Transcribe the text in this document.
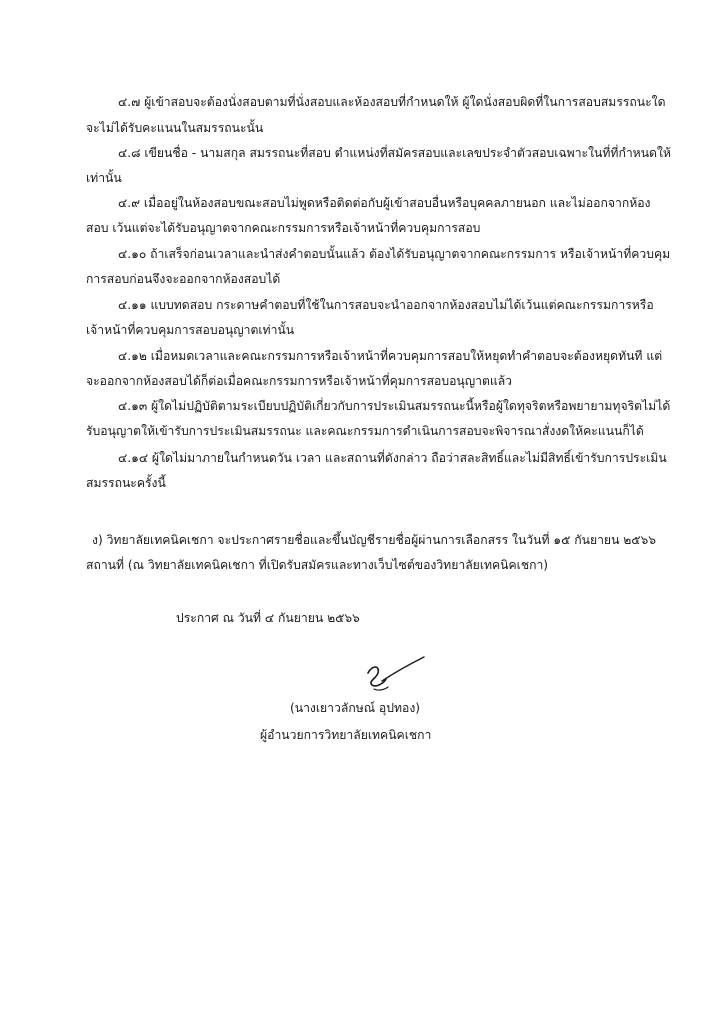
๔.๗ ผู้เข้าสอบจะต้องนั่งสอบตามที่นั่งสอบและห้องสอบที่กำหนดให้ ผู้ใดนั่งสอบผิดที่ในการสอบสมรรถนะใด
จะไม่ได้รับคะแนนในสมรรถนะนั้น
๔.๘ เขียนชื่อ - นามสกุล สมรรถนะที่สอบ ตำแหน่งที่สมัครสอบและเลขประจำตัวสอบเฉพาะในที่ที่กำหนดให้
เท่านั้น
๔.๙ เมื่ออยู่ในห้องสอบขณะสอบไม่พูดหรือติดต่อกับผู้เข้าสอบอื่นหรือบุคคลภายนอก และไม่ออกจากห้อง
สอบ เว้นแต่จะได้รับอนุญาตจากคณะกรรมการหรือเจ้าหน้าที่ควบคุมการสอบ
๔.๑๐ ถ้าเสร็จก่อนเวลาและนำส่งคำตอบนั้นแล้ว ต้องได้รับอนุญาตจากคณะกรรมการ หรือเจ้าหน้าที่ควบคุม
การสอบก่อนจึงจะออกจากห้องสอบได้
๔.๑๑ แบบทดสอบ กระดาษคำตอบที่ใช้ในการสอบจะนำออกจากห้องสอบไม่ได้เว้นแต่คณะกรรมการหรือ
เจ้าหน้าที่ควบคุมการสอบอนุญาตเท่านั้น
๔.๑๒ เมื่อหมดเวลาและคณะกรรมการหรือเจ้าหน้าที่ควบคุมการสอบให้หยุดทำคำตอบจะต้องหยุดทันที แต่
จะออกจากห้องสอบได้ก็ต่อเมื่อคณะกรรมการหรือเจ้าหน้าที่คุมการสอบอนุญาตแล้ว
๔.๑๓ ผู้ใดไม่ปฏิบัติตามระเบียบปฏิบัติเกี่ยวกับการประเมินสมรรถนะนี้หรือผู้ใดทุจริตหรือพยายามทุจริตไม่ได้
รับอนุญาตให้เข้ารับการประเมินสมรรถนะ และคณะกรรมการดำเนินการสอบจะพิจารณาสั่งงดให้คะแนนก็ได้
๔.๑๔ ผู้ใดไม่มาภายในกำหนดวัน เวลา และสถานที่ดังกล่าว ถือว่าสละสิทธิ์และไม่มีสิทธิ์เข้ารับการประเมิน
สมรรถนะครั้งนี้
ง) วิทยาลัยเทคนิคเชกา จะประกาศรายชื่อและขึ้นบัญชีรายชื่อผู้ผ่านการเลือกสรร ในวันที่ ๑๕ กันยายน ๒๕๖๖
สถานที่ (ณ วิทยาลัยเทคนิคเชกา ที่เปิดรับสมัครและทางเว็บไซต์ของวิทยาลัยเทคนิคเชกา)
ประกาศ ณ วันที่ ๔ กันยายน ๒๕๖๖
(นางเยาวลักษณ์ อุปทอง)
ผู้อำนวยการวิทยาลัยเทคนิคเชกา
